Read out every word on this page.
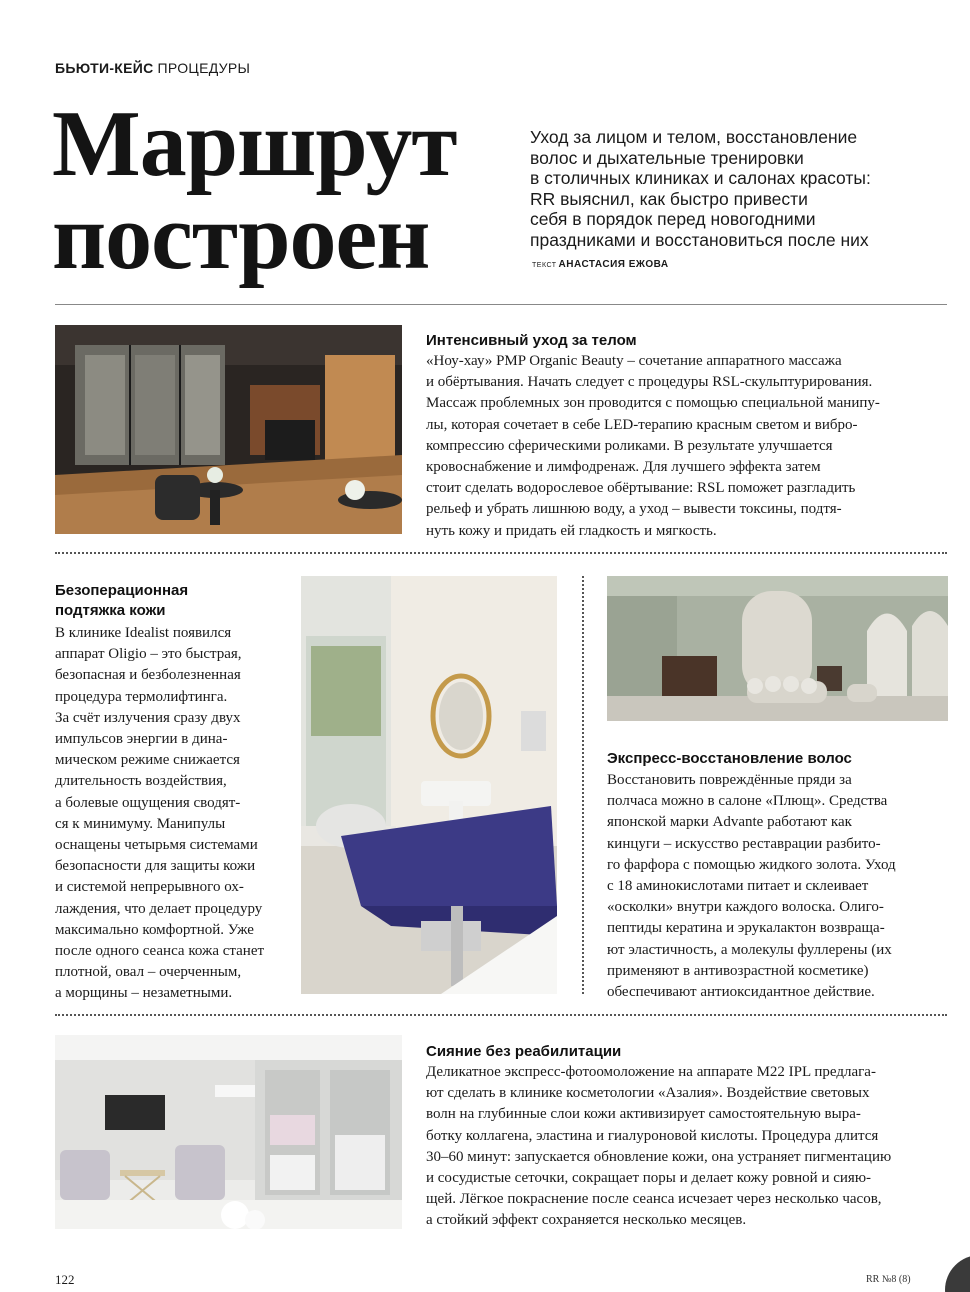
БЬЮТИ-КЕЙС ПРОЦЕДУРЫ
Маршрут
построен
Уход за лицом и телом, восстановление
волос и дыхательные тренировки
в столичных клиниках и салонах красоты:
RR выяснил, как быстро привести
себя в порядок перед новогодними
праздниками и восстановиться после них
ТЕКСТ АНАСТАСИЯ ЕЖОВА
Интенсивный уход за телом
«Ноу-хау» PMP Organic Beauty – сочетание аппаратного массажа
и обёртывания. Начать следует с процедуры RSL-скульптурирования.
Массаж проблемных зон проводится с помощью специальной манипу-
лы, которая сочетает в себе LED-терапию красным светом и вибро-
компрессию сферическими роликами. В результате улучшается
кровоснабжение и лимфодренаж. Для лучшего эффекта затем
стоит сделать водорослевое обёртывание: RSL поможет разгладить
рельеф и убрать лишнюю воду, а уход – вывести токсины, подтя-
нуть кожу и придать ей гладкость и мягкость.
Безоперационная
подтяжка кожи
В клинике Idealist появился
аппарат Oligio – это быстрая,
безопасная и безболезненная
процедура термолифтинга.
За счёт излучения сразу двух
импульсов энергии в дина-
мическом режиме снижается
длительность воздействия,
а болевые ощущения сводят-
ся к минимуму. Манипулы
оснащены четырьмя системами
безопасности для защиты кожи
и системой непрерывного ох-
лаждения, что делает процедуру
максимально комфортной. Уже
после одного сеанса кожа станет
плотной, овал – очерченным,
а морщины – незаметными.
Экспресс-восстановление волос
Восстановить повреждённые пряди за
полчаса можно в салоне «Плющ». Средства
японской марки Advante работают как
кинцуги – искусство реставрации разбито-
го фарфора с помощью жидкого золота. Уход
с 18 аминокислотами питает и склеивает
«осколки» внутри каждого волоска. Олиго-
пептиды кератина и эрукалактон возвраща-
ют эластичность, а молекулы фуллерены (их
применяют в антивозрастной косметике)
обеспечивают антиоксидантное действие.
Сияние без реабилитации
Деликатное экспресс-фотоомоложение на аппарате M22 IPL предлага-
ют сделать в клинике косметологии «Азалия». Воздействие световых
волн на глубинные слои кожи активизирует самостоятельную выра-
ботку коллагена, эластина и гиалуроновой кислоты. Процедура длится
30–60 минут: запускается обновление кожи, она устраняет пигментацию
и сосудистые сеточки, сокращает поры и делает кожу ровной и сияю-
щей. Лёгкое покраснение после сеанса исчезает через несколько часов,
а стойкий эффект сохраняется несколько месяцев.
122	RR №8 (8)
